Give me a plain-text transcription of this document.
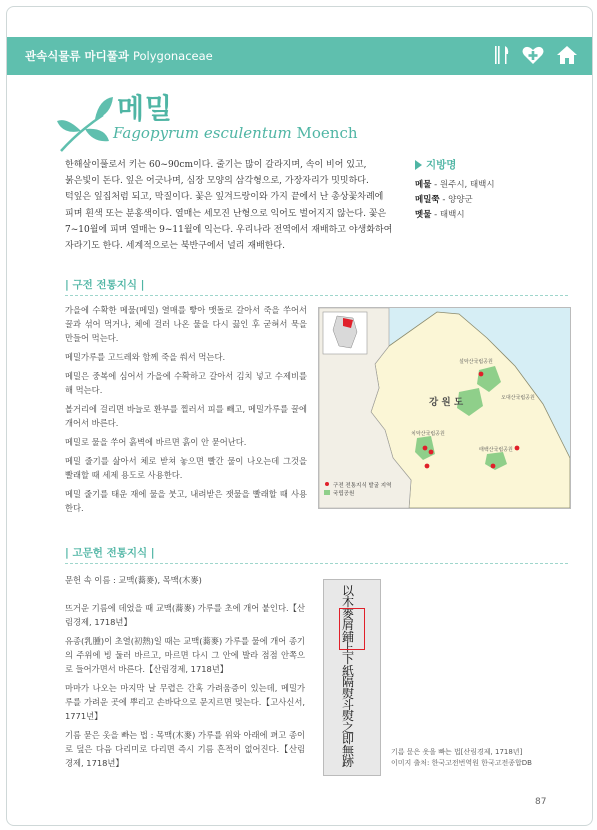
관속식물류 마디풀과 Polygonaceae
메밀
Fagopyrum esculentum Moench
한해살이풀로서 키는 60~90cm이다. 줄기는 많이 갈라지며, 속이 비어 있고,
붉은빛이 돈다. 잎은 어긋나며, 심장 모양의 삼각형으로, 가장자리가 밋밋하다.
턱잎은 잎집처럼 되고, 막질이다. 꽃은 잎겨드랑이와 가지 끝에서 난 총상꽃차례에
피며 흰색 또는 분홍색이다. 열매는 세모진 난형으로 익어도 벌어지지 않는다. 꽃은
7~10월에 피며 열매는 9~11월에 익는다. 우리나라 전역에서 재배하고 야생화하여
자라기도 한다. 세계적으로는 북반구에서 널리 재배한다.
지방명
메물 - 원주시, 태백시
메밀쭉 - 양양군
멧물 - 태백시
| 구전 전통지식 |

가을에 수확한 메물(메밀) 열매를 빻아 맷돌로 갈아서 죽을 쑤어서 꿀과 섞어 먹거나, 체에 걸러 나온 물을 다시 끓인 후 굳혀서 묵을 만들어 먹는다.

메밀가루를 고드레와 함께 죽을 쒀서 먹는다.

메밀은 중복에 심어서 가을에 수확하고 갈아서 김치 넣고 수제비를 해 먹는다.

볼거리에 걸리면 바늘로 환부를 찔러서 피를 빼고, 메밀가루를 꿀에 개어서 바른다.

메밀로 물을 쑤어 흙벽에 바르면 흙이 안 묻어난다.

메밀 줄기를 삶아서 체로 받쳐 놓으면 빨간 물이 나오는데 그것을 빨래할 때 세제 용도로 사용한다.

메밀 줄기를 태운 재에 물을 붓고, 내려받은 잿물을 빨래할 때 사용한다.

강 원 도
설악산국립공원
오대산국립공원
치악산국립공원
태백산국립공원
구전 전통지식 발굴 지역
국립공원
| 고문헌 전통지식 |

문헌 속 이름 : 교맥(蕎麥), 목맥(木麥)

뜨거운 기름에 데었을 때 교맥(蕎麥) 가루를 초에 개어 붙인다.【산림경제, 1718년】

유종(乳腫)이 초열(初熱)일 때는 교맥(蕎麥) 가루를 물에 개어 종기의 주위에 빙 둘러 바르고, 마르면 다시 그 안에 발라 점점 안쪽으로 들어가면서 바른다.【산림경제, 1718년】

마마가 나오는 마지막 날 무렵은 간혹 가려움증이 있는데, 메밀가루를 가려운 곳에 뿌리고 손바닥으로 문지르면 멎는다.【고사신서, 1771년】

기름 묻은 옷을 빠는 법 : 목맥(木麥) 가루를 위와 아래에 펴고 종이로 덮은 다음 다리미로 다리면 즉시 기름 흔적이 없어진다.【산림경제, 1718년】

以木麥屑鋪上下紙隔熨斗熨之即無跡
기름 묻은 옷을 빠는 법[산림경제, 1718년]
이미지 출처: 한국고전번역원 한국고전종합DB
87
